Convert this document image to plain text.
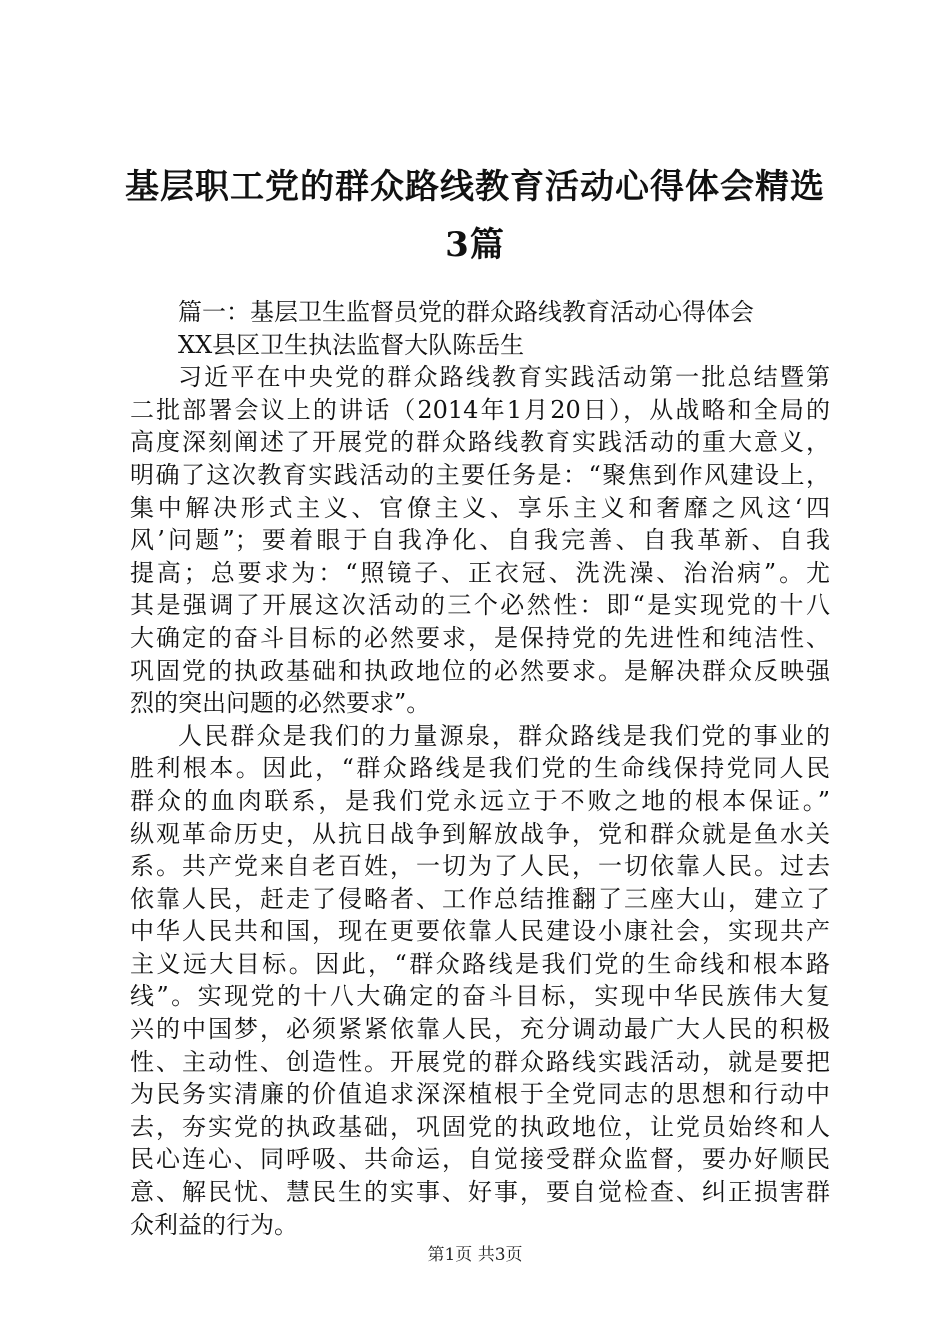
基层职工党的群众路线教育活动心得体会精选
3篇
篇一：基层卫生监督员党的群众路线教育活动心得体会
XX县区卫生执法监督大队陈岳生
习近平在中央党的群众路线教育实践活动第一批总结暨第
二批部署会议上的讲话（2014年1月20日），从战略和全局的
高度深刻阐述了开展党的群众路线教育实践活动的重大意义，
明确了这次教育实践活动的主要任务是：“聚焦到作风建设上，
集中解决形式主义、官僚主义、享乐主义和奢靡之风这‘四
风’问题”；要着眼于自我净化、自我完善、自我革新、自我
提高；总要求为：“照镜子、正衣冠、洗洗澡、治治病”。尤
其是强调了开展这次活动的三个必然性：即“是实现党的十八
大确定的奋斗目标的必然要求，是保持党的先进性和纯洁性、
巩固党的执政基础和执政地位的必然要求。是解决群众反映强
烈的突出问题的必然要求”。
人民群众是我们的力量源泉，群众路线是我们党的事业的
胜利根本。因此，“群众路线是我们党的生命线保持党同人民
群众的血肉联系，是我们党永远立于不败之地的根本保证。”
纵观革命历史，从抗日战争到解放战争，党和群众就是鱼水关
系。共产党来自老百姓，一切为了人民，一切依靠人民。过去
依靠人民，赶走了侵略者、工作总结推翻了三座大山，建立了
中华人民共和国，现在更要依靠人民建设小康社会，实现共产
主义远大目标。因此，“群众路线是我们党的生命线和根本路
线”。实现党的十八大确定的奋斗目标，实现中华民族伟大复
兴的中国梦，必须紧紧依靠人民，充分调动最广大人民的积极
性、主动性、创造性。开展党的群众路线实践活动，就是要把
为民务实清廉的价值追求深深植根于全党同志的思想和行动中
去，夯实党的执政基础，巩固党的执政地位，让党员始终和人
民心连心、同呼吸、共命运，自觉接受群众监督，要办好顺民
意、解民忧、慧民生的实事、好事，要自觉检查、纠正损害群
众利益的行为。
第1页 共3页
